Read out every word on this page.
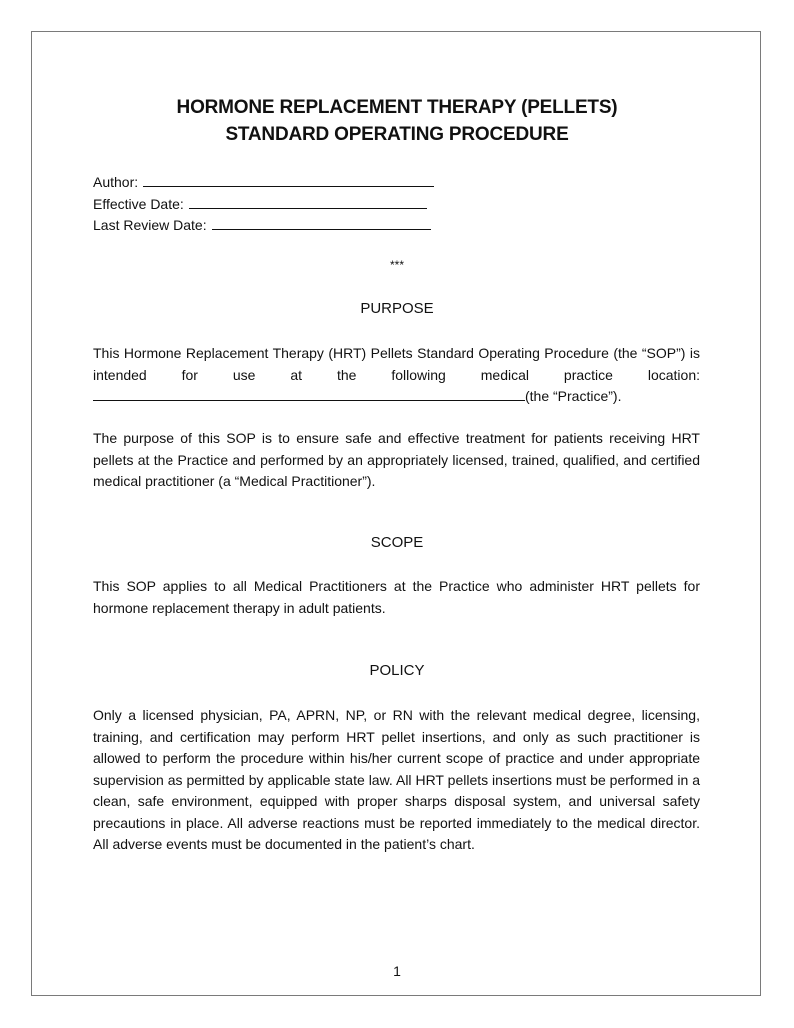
HORMONE REPLACEMENT THERAPY (PELLETS)
STANDARD OPERATING PROCEDURE
Author:
Effective Date:
Last Review Date:
***
PURPOSE
This Hormone Replacement Therapy (HRT) Pellets Standard Operating Procedure (the “SOP”) is intended for use at the following medical practice location:(the “Practice”).
The purpose of this SOP is to ensure safe and effective treatment for patients receiving HRT pellets at the Practice and performed by an appropriately licensed, trained, qualified, and certified medical practitioner (a “Medical Practitioner”).
SCOPE
This SOP applies to all Medical Practitioners at the Practice who administer HRT pellets for hormone replacement therapy in adult patients.
POLICY
Only a licensed physician, PA, APRN, NP, or RN with the relevant medical degree, licensing, training, and certification may perform HRT pellet insertions, and only as such practitioner is allowed to perform the procedure within his/her current scope of practice and under appropriate supervision as permitted by applicable state law. All HRT pellets insertions must be performed in a clean, safe environment, equipped with proper sharps disposal system, and universal safety precautions in place. All adverse reactions must be reported immediately to the medical director. All adverse events must be documented in the patient’s chart.
1
